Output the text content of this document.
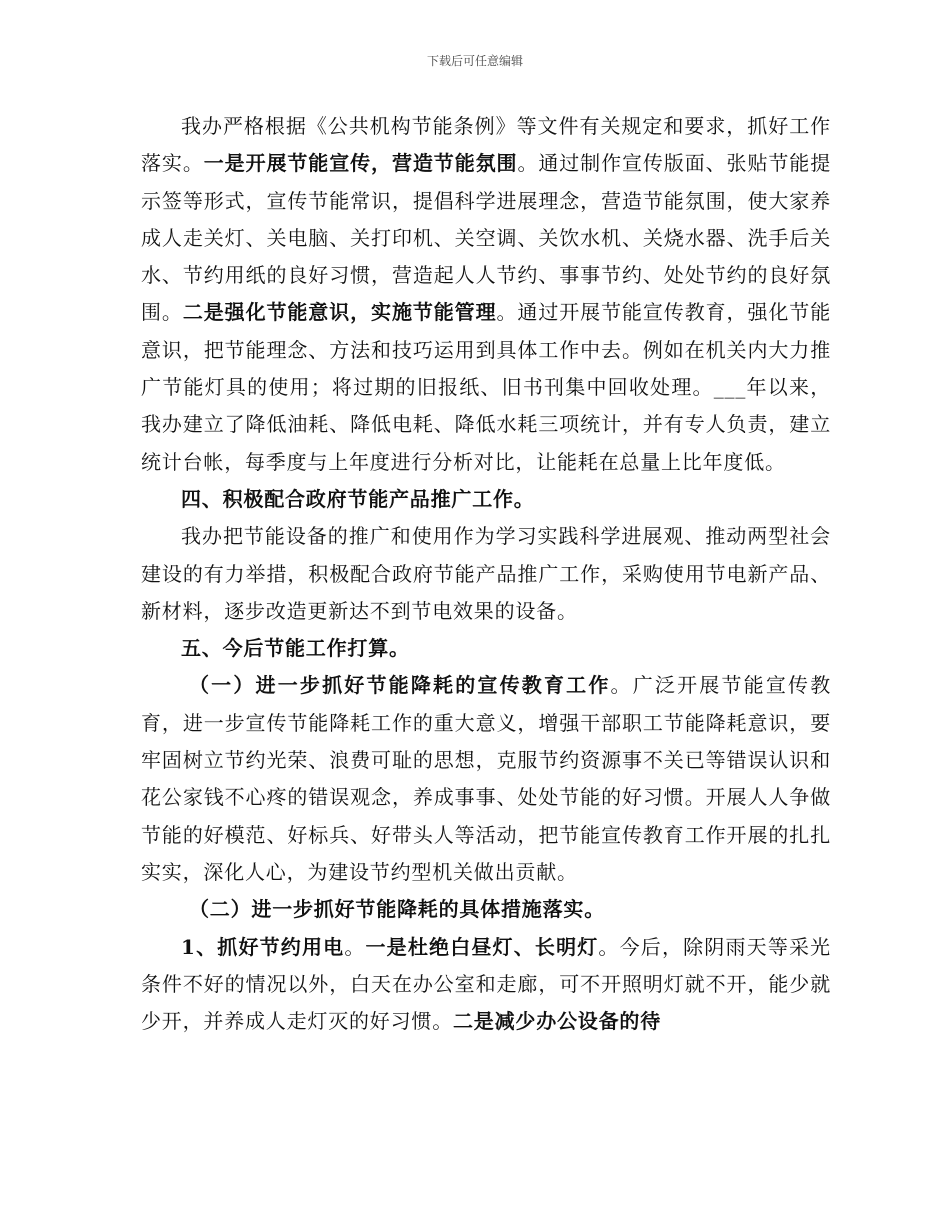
下载后可任意编辑

我办严格根据《公共机构节能条例》等文件有关规定和要求，抓好工作落实。一是开展节能宣传，营造节能氛围。通过制作宣传版面、张贴节能提示签等形式，宣传节能常识，提倡科学进展理念，营造节能氛围，使大家养成人走关灯、关电脑、关打印机、关空调、关饮水机、关烧水器、洗手后关水、节约用纸的良好习惯，营造起人人节约、事事节约、处处节约的良好氛围。二是强化节能意识，实施节能管理。通过开展节能宣传教育，强化节能意识，把节能理念、方法和技巧运用到具体工作中去。例如在机关内大力推广节能灯具的使用；将过期的旧报纸、旧书刊集中回收处理。___年以来，我办建立了降低油耗、降低电耗、降低水耗三项统计，并有专人负责，建立统计台帐，每季度与上年度进行分析对比，让能耗在总量上比年度低。

四、积极配合政府节能产品推广工作。

我办把节能设备的推广和使用作为学习实践科学进展观、推动两型社会建设的有力举措，积极配合政府节能产品推广工作，采购使用节电新产品、新材料，逐步改造更新达不到节电效果的设备。

五、今后节能工作打算。

（一）进一步抓好节能降耗的宣传教育工作。广泛开展节能宣传教育，进一步宣传节能降耗工作的重大意义，增强干部职工节能降耗意识，要牢固树立节约光荣、浪费可耻的思想，克服节约资源事不关已等错误认识和花公家钱不心疼的错误观念，养成事事、处处节能的好习惯。开展人人争做节能的好模范、好标兵、好带头人等活动，把节能宣传教育工作开展的扎扎实实，深化人心，为建设节约型机关做出贡献。

（二）进一步抓好节能降耗的具体措施落实。

1、抓好节约用电。一是杜绝白昼灯、长明灯。今后，除阴雨天等采光条件不好的情况以外，白天在办公室和走廊，可不开照明灯就不开，能少就少开，并养成人走灯灭的好习惯。二是减少办公设备的待
